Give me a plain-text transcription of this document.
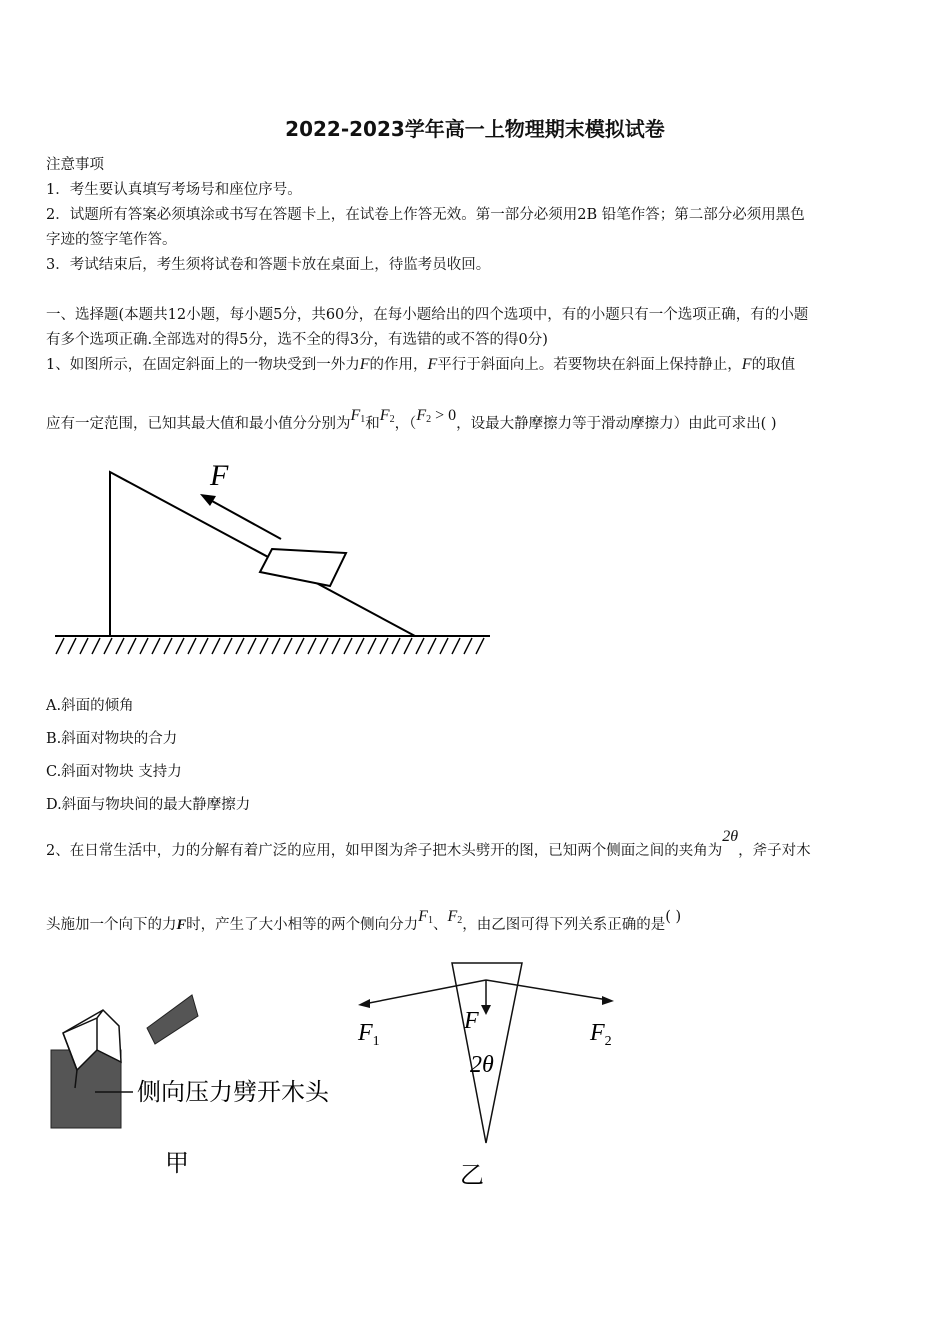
2022-2023学年高一上物理期末模拟试卷
注意事项
1．考生要认真填写考场号和座位序号。
2．试题所有答案必须填涂或书写在答题卡上，在试卷上作答无效。第一部分必须用2B 铅笔作答；第二部分必须用黑色
字迹的签字笔作答。
3．考试结束后，考生须将试卷和答题卡放在桌面上，待监考员收回。
一、选择题(本题共12小题，每小题5分，共60分，在每小题给出的四个选项中，有的小题只有一个选项正确，有的小题
有多个选项正确.全部选对的得5分，选不全的得3分，有选错的或不答的得0分)
1、如图所示，在固定斜面上的一物块受到一外力F的作用，F平行于斜面向上。若要物块在斜面上保持静止，F的取值
应有一定范围，已知其最大值和最小值分分别为$F_1$和$F_2$，（$F_2 > 0$，设最大静摩擦力等于滑动摩擦力）由此可求出( )
F
A.斜面的倾角
B.斜面对物块的合力
C.斜面对物块 支持力
D.斜面与物块间的最大静摩擦力
2、在日常生活中，力的分解有着广泛的应用，如甲图为斧子把木头劈开的图，已知两个侧面之间的夹角为2θ，斧子对木
头施加一个向下的力F时，产生了大小相等的两个侧向分力$F_1$、$F_2$，由乙图可得下列关系正确的是( )
侧向压力劈开木头
甲
$F_1$	$F_2$
F
2θ
乙
